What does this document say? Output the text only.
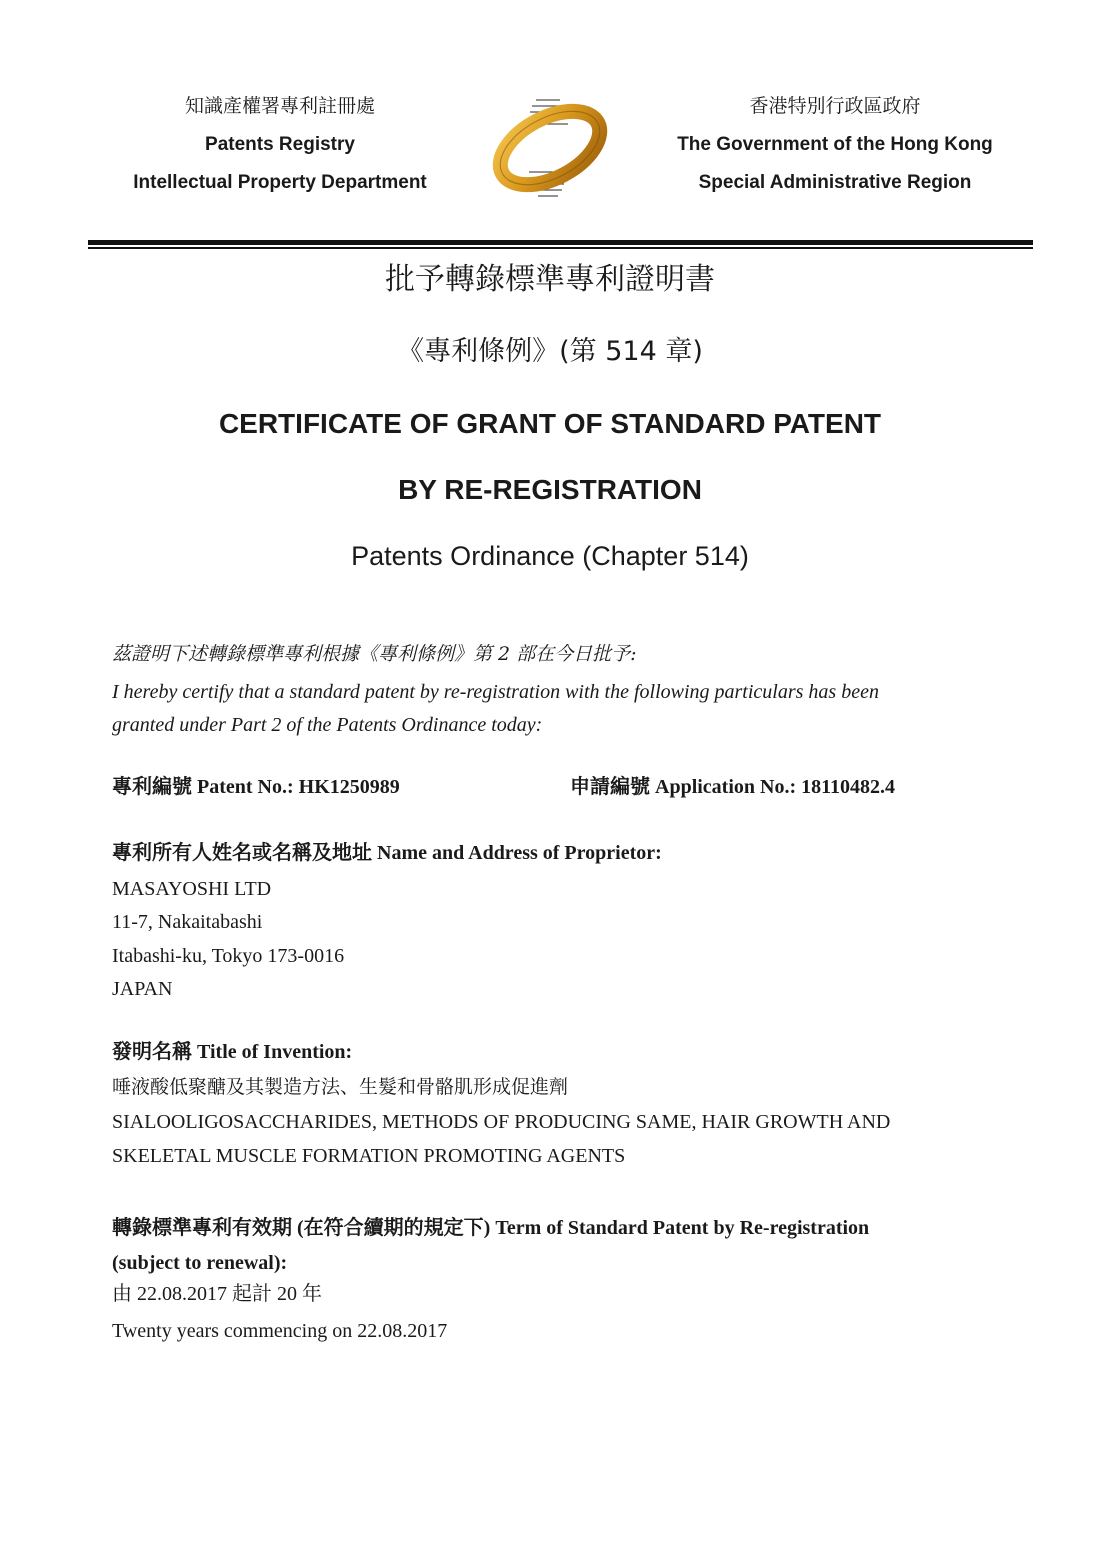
知識產權署專利註冊處
Patents Registry
Intellectual Property Department
香港特別行政區政府
The Government of the Hong Kong
Special Administrative Region
批予轉錄標準專利證明書
《專利條例》(第 514 章)
CERTIFICATE OF GRANT OF STANDARD PATENT
BY RE-REGISTRATION
Patents Ordinance (Chapter 514)
茲證明下述轉錄標準專利根據《專利條例》第 2 部在今日批予:
I hereby certify that a standard patent by re-registration with the following particulars has been
granted under Part 2 of the Patents Ordinance today:
專利編號 Patent No.: HK1250989	申請編號 Application No.: 18110482.4
專利所有人姓名或名稱及地址 Name and Address of Proprietor:
MASAYOSHI LTD
11-7, Nakaitabashi
Itabashi-ku, Tokyo 173-0016
JAPAN
發明名稱 Title of Invention:
唾液酸低聚醣及其製造方法、生髮和骨骼肌形成促進劑
SIALOOLIGOSACCHARIDES, METHODS OF PRODUCING SAME, HAIR GROWTH AND
SKELETAL MUSCLE FORMATION PROMOTING AGENTS
轉錄標準專利有效期 (在符合續期的規定下) Term of Standard Patent by Re-registration
(subject to renewal):
由 22.08.2017 起計 20 年
Twenty years commencing on 22.08.2017
